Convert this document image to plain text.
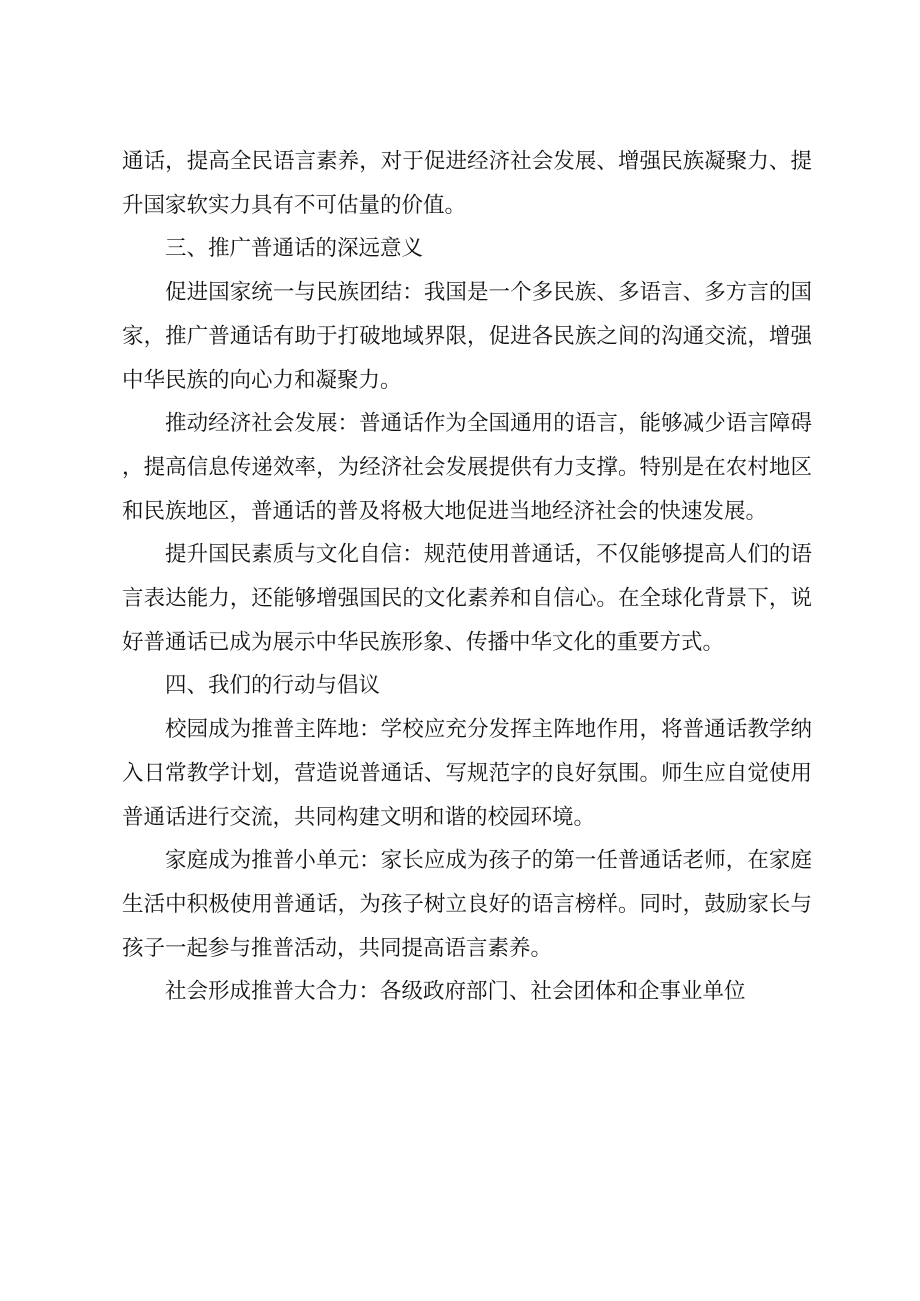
通话，提高全民语言素养，对于促进经济社会发展、增强民族凝聚力、提升国家软实力具有不可估量的价值。

三、推广普通话的深远意义

促进国家统一与民族团结：我国是一个多民族、多语言、多方言的国家，推广普通话有助于打破地域界限，促进各民族之间的沟通交流，增强中华民族的向心力和凝聚力。

推动经济社会发展：普通话作为全国通用的语言，能够减少语言障碍，提高信息传递效率，为经济社会发展提供有力支撑。特别是在农村地区和民族地区，普通话的普及将极大地促进当地经济社会的快速发展。

提升国民素质与文化自信：规范使用普通话，不仅能够提高人们的语言表达能力，还能够增强国民的文化素养和自信心。在全球化背景下，说好普通话已成为展示中华民族形象、传播中华文化的重要方式。

四、我们的行动与倡议

校园成为推普主阵地：学校应充分发挥主阵地作用，将普通话教学纳入日常教学计划，营造说普通话、写规范字的良好氛围。师生应自觉使用普通话进行交流，共同构建文明和谐的校园环境。

家庭成为推普小单元：家长应成为孩子的第一任普通话老师，在家庭生活中积极使用普通话，为孩子树立良好的语言榜样。同时，鼓励家长与孩子一起参与推普活动，共同提高语言素养。

社会形成推普大合力：各级政府部门、社会团体和企事业单位
